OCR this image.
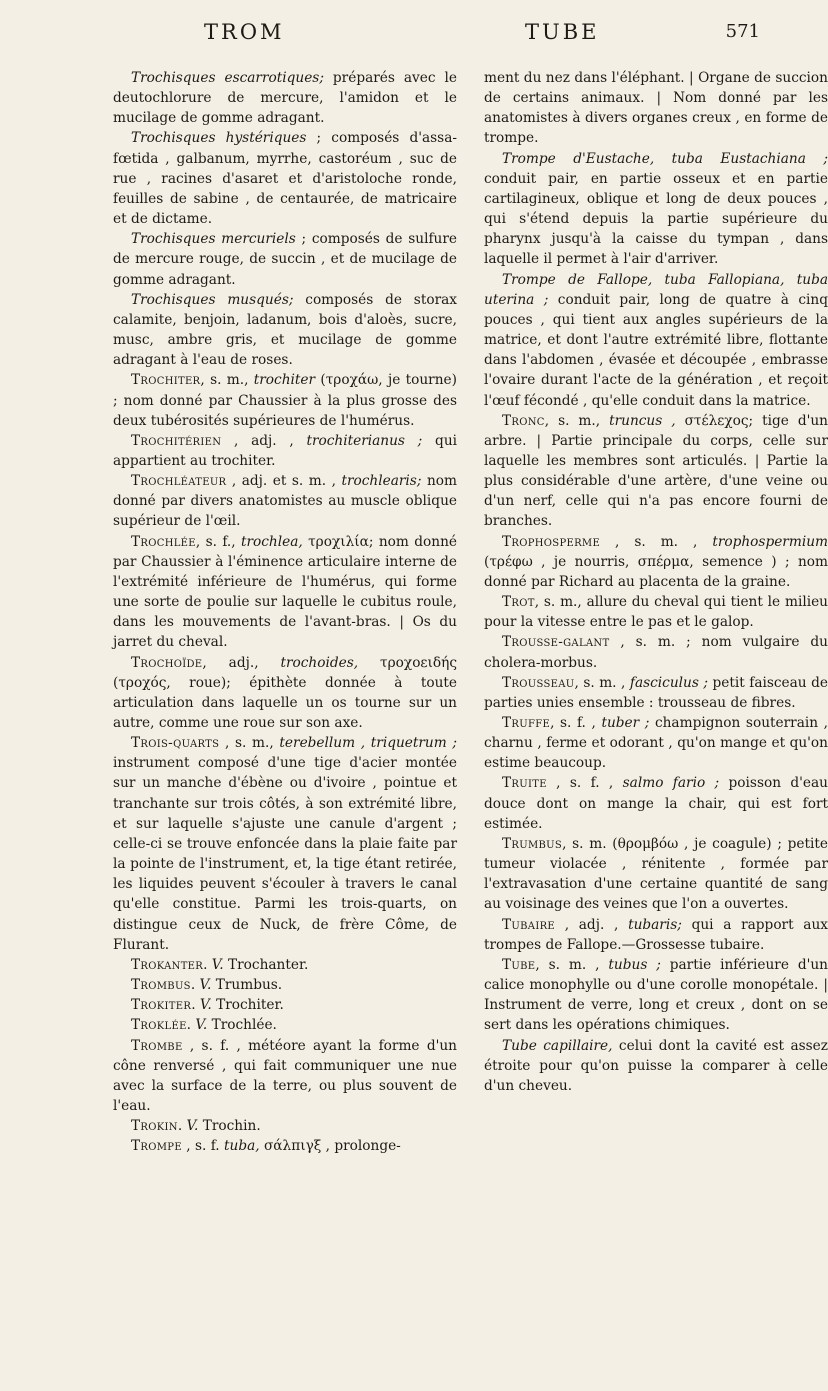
TROM	TUBE	571

Trochisques escarrotiques; préparés avec le deutochlorure de mercure, l'amidon et le mucilage de gomme adragant.

Trochisques hystériques ; composés d'assa-fœtida , galbanum, myrrhe, castoréum , suc de rue , racines d'asaret et d'aristoloche ronde, feuilles de sabine , de centaurée, de matricaire et de dictame.

Trochisques mercuriels ; composés de sulfure de mercure rouge, de succin , et de mucilage de gomme adragant.

Trochisques musqués; composés de storax calamite, benjoin, ladanum, bois d'aloès, sucre, musc, ambre gris, et mucilage de gomme adragant à l'eau de roses.

Trochiter, s. m., trochiter (τροχάω, je tourne) ; nom donné par Chaussier à la plus grosse des deux tubérosités supérieures de l'humérus.

Trochitérien , adj. , trochiterianus ; qui appartient au trochiter.

Trochléateur , adj. et s. m. , trochlearis; nom donné par divers anatomistes au muscle oblique supérieur de l'œil.

Trochlée, s. f., trochlea, τροχιλία; nom donné par Chaussier à l'éminence articulaire interne de l'extrémité inférieure de l'humérus, qui forme une sorte de poulie sur laquelle le cubitus roule, dans les mouvements de l'avant-bras. | Os du jarret du cheval.

Trochoïde, adj., trochoides, τροχοειδής (τροχός, roue); épithète donnée à toute articulation dans laquelle un os tourne sur un autre, comme une roue sur son axe.

Trois-quarts , s. m., terebellum , triquetrum ; instrument composé d'une tige d'acier montée sur un manche d'ébène ou d'ivoire , pointue et tranchante sur trois côtés, à son extrémité libre, et sur laquelle s'ajuste une canule d'argent ; celle-ci se trouve enfoncée dans la plaie faite par la pointe de l'instrument, et, la tige étant retirée, les liquides peuvent s'écouler à travers le canal qu'elle constitue. Parmi les trois-quarts, on distingue ceux de Nuck, de frère Côme, de Flurant.

Trokanter. V. Trochanter.

Trombus. V. Trumbus.

Trokiter. V. Trochiter.

Troklée. V. Trochlée.

Trombe , s. f. , météore ayant la forme d'un cône renversé , qui fait communiquer une nue avec la surface de la terre, ou plus souvent de l'eau.

Trokin. V. Trochin.

Trompe , s. f. tuba, σάλπιγξ , prolonge-

ment du nez dans l'éléphant. | Organe de succion de certains animaux. | Nom donné par les anatomistes à divers organes creux , en forme de trompe.

Trompe d'Eustache, tuba Eustachiana ; conduit pair, en partie osseux et en partie cartilagineux, oblique et long de deux pouces , qui s'étend depuis la partie supérieure du pharynx jusqu'à la caisse du tympan , dans laquelle il permet à l'air d'arriver.

Trompe de Fallope, tuba Fallopiana, tuba uterina ; conduit pair, long de quatre à cinq pouces , qui tient aux angles supérieurs de la matrice, et dont l'autre extrémité libre, flottante dans l'abdomen , évasée et découpée , embrasse l'ovaire durant l'acte de la génération , et reçoit l'œuf fécondé , qu'elle conduit dans la matrice.

Tronc, s. m., truncus , στέλεχος; tige d'un arbre. | Partie principale du corps, celle sur laquelle les membres sont articulés. | Partie la plus considérable d'une artère, d'une veine ou d'un nerf, celle qui n'a pas encore fourni de branches.

Trophosperme , s. m. , trophospermium (τρέφω , je nourris, σπέρμα, semence ) ; nom donné par Richard au placenta de la graine.

Trot, s. m., allure du cheval qui tient le milieu pour la vitesse entre le pas et le galop.

Trousse-galant , s. m. ; nom vulgaire du cholera-morbus.

Trousseau, s. m. , fasciculus ; petit faisceau de parties unies ensemble : trousseau de fibres.

Truffe, s. f. , tuber ; champignon souterrain , charnu , ferme et odorant , qu'on mange et qu'on estime beaucoup.

Truite , s. f. , salmo fario ; poisson d'eau douce dont on mange la chair, qui est fort estimée.

Trumbus, s. m. (θρομβόω , je coagule) ; petite tumeur violacée , rénitente , formée par l'extravasation d'une certaine quantité de sang au voisinage des veines que l'on a ouvertes.

Tubaire , adj. , tubaris; qui a rapport aux trompes de Fallope.—Grossesse tubaire.

Tube, s. m. , tubus ; partie inférieure d'un calice monophylle ou d'une corolle monopétale. | Instrument de verre, long et creux , dont on se sert dans les opérations chimiques.

Tube capillaire, celui dont la cavité est assez étroite pour qu'on puisse la comparer à celle d'un cheveu.
